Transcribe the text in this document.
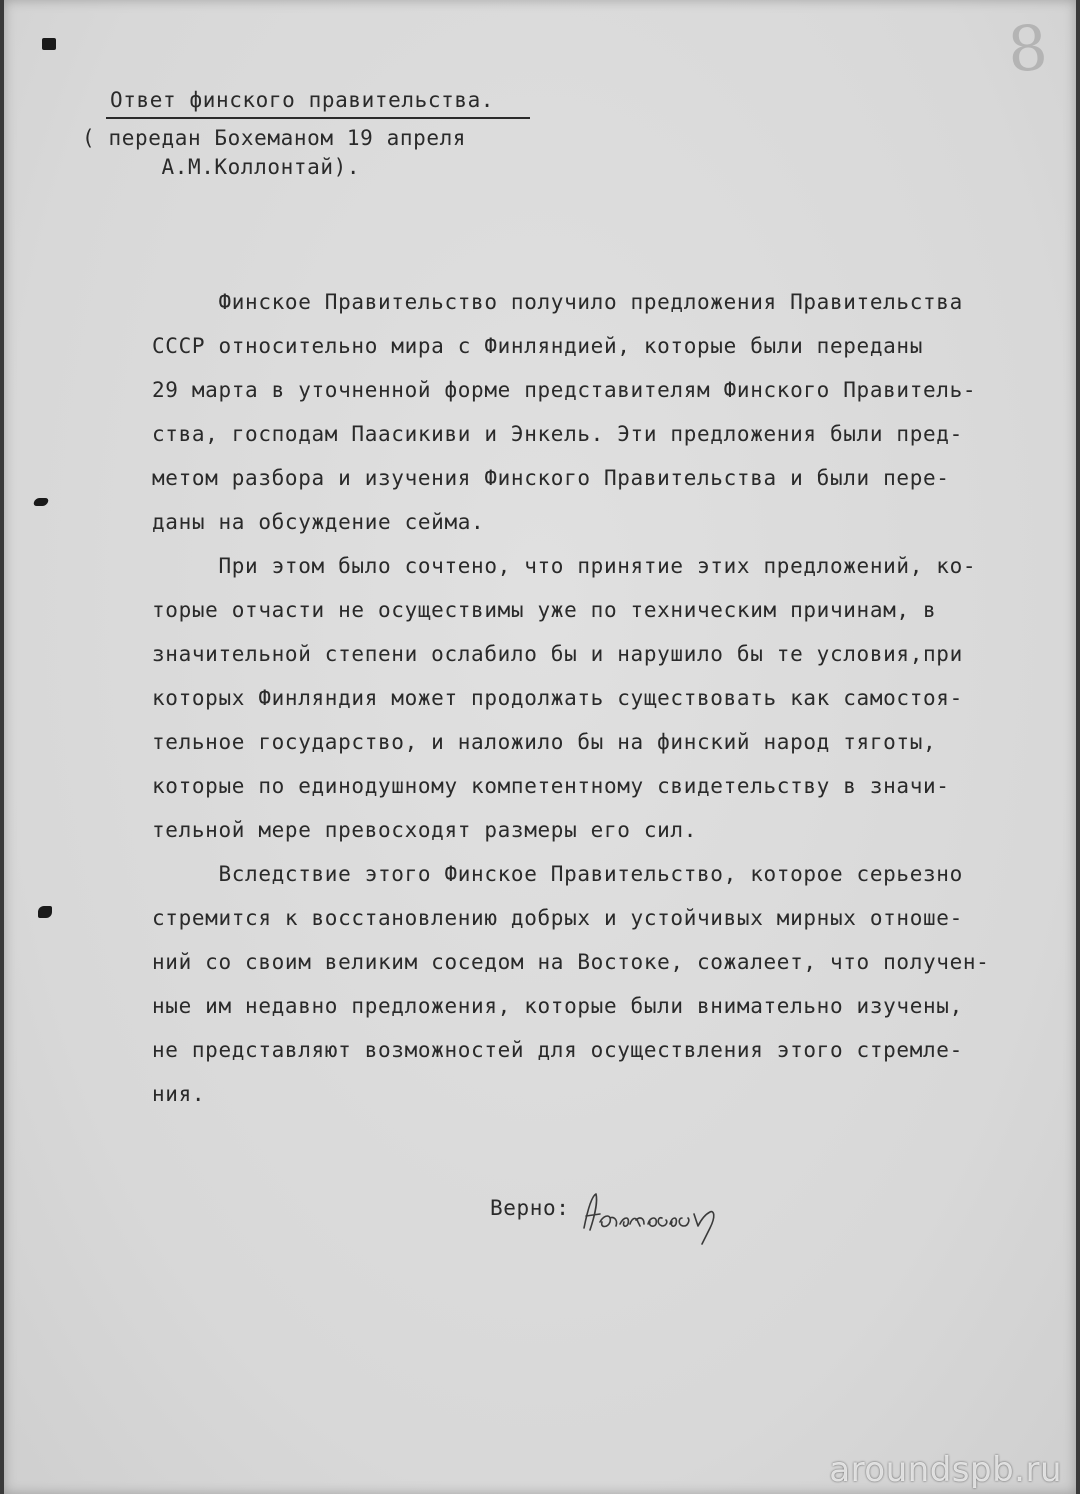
8
Ответ финского правительства.
( передан Бохеманом 19 апреля
А.М.Коллонтай).
Финское Правительство получило предложения Правительства
СССР относительно мира с Финляндией, которые были переданы
29 марта в уточненной форме представителям Финского Правитель-
ства, господам Паасикиви и Энкель. Эти предложения были пред-
метом разбора и изучения Финского Правительства и были пере-
даны на обсуждение сейма.
При этом было сочтено, что принятие этих предложений, ко-
торые отчасти не осуществимы уже по техническим причинам, в
значительной степени ослабило бы и нарушило бы те условия,при
которых Финляндия может продолжать существовать как самостоя-
тельное государство, и наложило бы на финский народ тяготы,
которые по единодушному компетентному свидетельству в значи-
тельной мере превосходят размеры его сил.
Вследствие этого Финское Правительство, которое серьезно
стремится к восстановлению добрых и устойчивых мирных отноше-
ний со своим великим соседом на Востоке, сожалеет, что получен-
ные им недавно предложения, которые были внимательно изучены,
не представляют возможностей для осуществления этого стремле-
ния.
Верно:
aroundspb.ru
